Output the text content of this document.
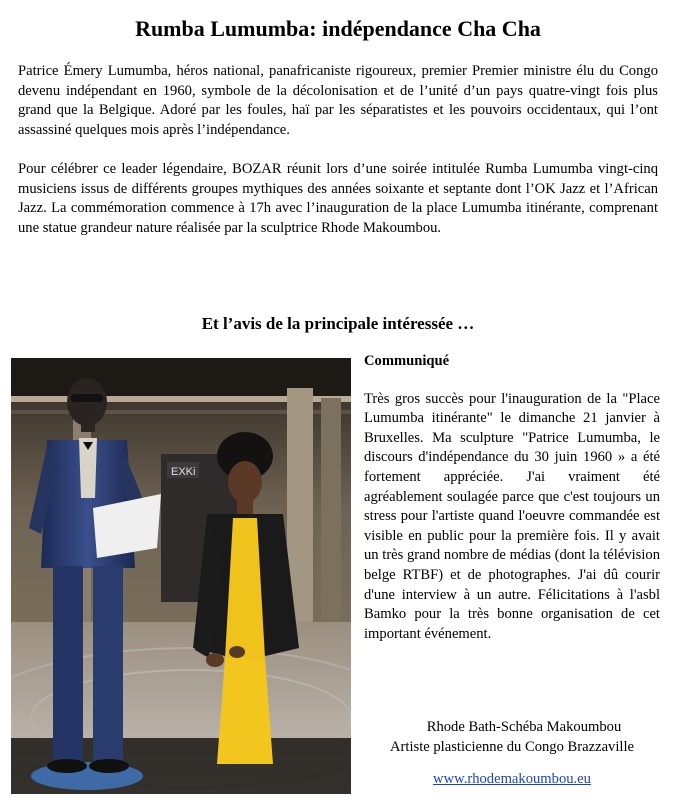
Rumba Lumumba: indépendance Cha Cha

Patrice Émery Lumumba, héros national, panafricaniste rigoureux, premier Premier ministre élu du Congo devenu indépendant en 1960, symbole de la décolonisation et de l’unité d’un pays quatre-vingt fois plus grand que la Belgique. Adoré par les foules, haï par les séparatistes et les pouvoirs occidentaux, qui l’ont assassiné quelques mois après l’indépendance.

Pour célébrer ce leader légendaire, BOZAR réunit lors d’une soirée intitulée Rumba Lumumba vingt-cinq musiciens issus de différents groupes mythiques des années soixante et septante dont l’OK Jazz et l’African Jazz. La commémoration commence à 17h avec l’inauguration de la place Lumumba itinérante, comprenant une statue grandeur nature réalisée par la sculptrice Rhode Makoumbou.

Et l’avis de la principale intéressée …
EXKi

Communiqué

Très gros succès pour l'inauguration de la "Place Lumumba itinérante" le dimanche 21 janvier à Bruxelles. Ma sculpture "Patrice Lumumba, le discours d'indépendance du 30 juin 1960 » a été fortement appréciée. J'ai vraiment été agréablement soulagée parce que c'est toujours un stress pour l'artiste quand l'oeuvre commandée est visible en public pour la première fois. Il y avait un très grand nombre de médias (dont la télévision belge RTBF) et de photographes. J'ai dû courir d'une interview à un autre. Félicitations à l'asbl Bamko pour la très bonne organisation de cet important événement.

Rhode Bath-Schéba Makoumbou
Artiste plasticienne du Congo Brazzaville
www.rhodemakoumbou.eu
